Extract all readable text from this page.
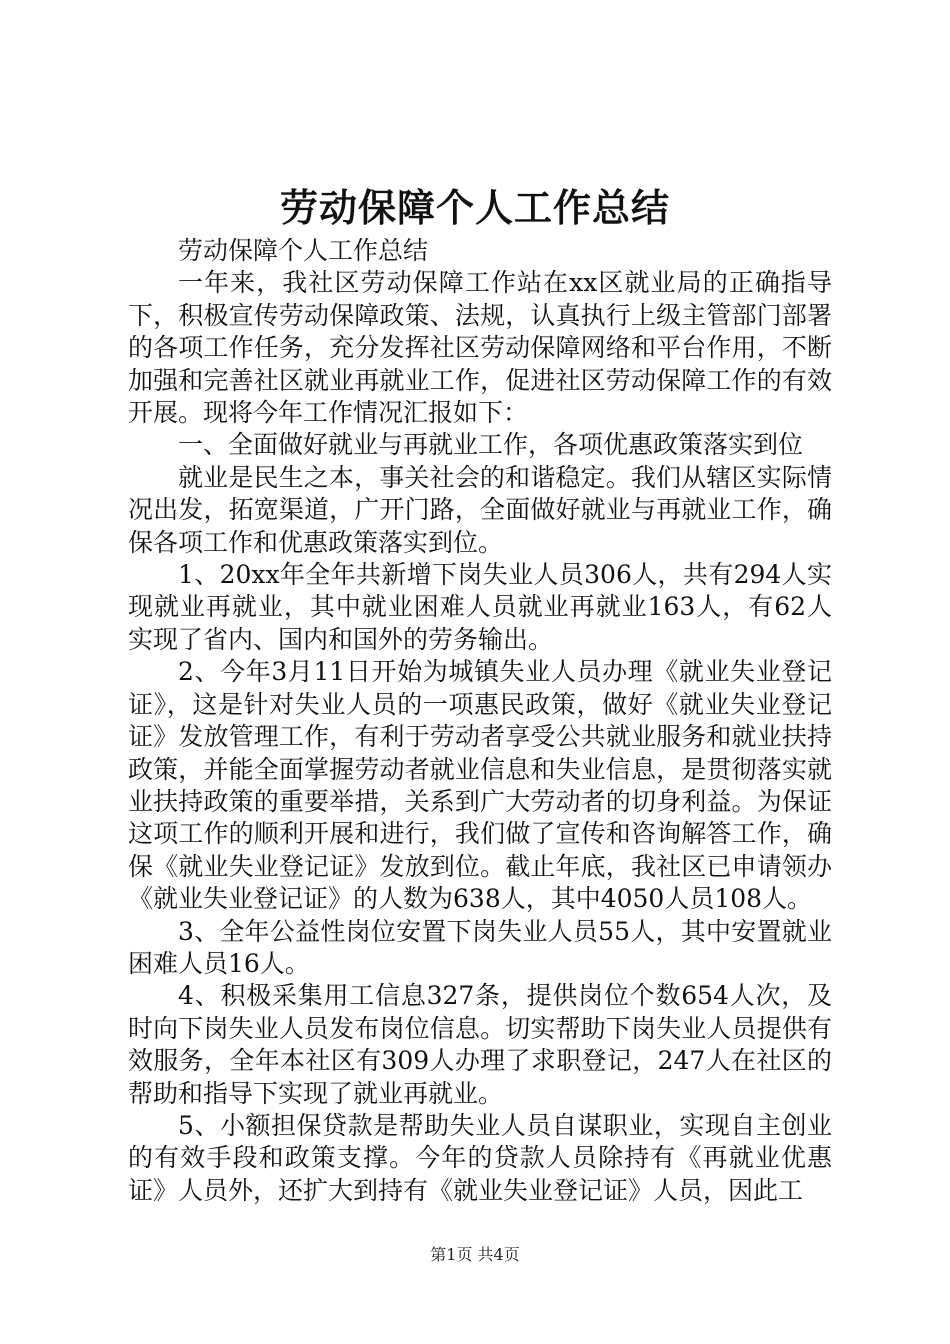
劳动保障个人工作总结

劳动保障个人工作总结

一年来，我社区劳动保障工作站在xx区就业局的正确指导下，积极宣传劳动保障政策、法规，认真执行上级主管部门部署的各项工作任务，充分发挥社区劳动保障网络和平台作用，不断加强和完善社区就业再就业工作，促进社区劳动保障工作的有效开展。现将今年工作情况汇报如下：

一、全面做好就业与再就业工作，各项优惠政策落实到位

就业是民生之本，事关社会的和谐稳定。我们从辖区实际情况出发，拓宽渠道，广开门路，全面做好就业与再就业工作，确保各项工作和优惠政策落实到位。

1、20xx年全年共新增下岗失业人员306人，共有294人实现就业再就业，其中就业困难人员就业再就业163人，有62人实现了省内、国内和国外的劳务输出。

2、今年3月11日开始为城镇失业人员办理《就业失业登记证》，这是针对失业人员的一项惠民政策，做好《就业失业登记证》发放管理工作，有利于劳动者享受公共就业服务和就业扶持政策，并能全面掌握劳动者就业信息和失业信息，是贯彻落实就业扶持政策的重要举措，关系到广大劳动者的切身利益。为保证这项工作的顺利开展和进行，我们做了宣传和咨询解答工作，确保《就业失业登记证》发放到位。截止年底，我社区已申请领办《就业失业登记证》的人数为638人，其中4050人员108人。

3、全年公益性岗位安置下岗失业人员55人，其中安置就业困难人员16人。

4、积极采集用工信息327条，提供岗位个数654人次，及时向下岗失业人员发布岗位信息。切实帮助下岗失业人员提供有效服务，全年本社区有309人办理了求职登记，247人在社区的帮助和指导下实现了就业再就业。

5、小额担保贷款是帮助失业人员自谋职业，实现自主创业的有效手段和政策支撑。今年的贷款人员除持有《再就业优惠证》人员外，还扩大到持有《就业失业登记证》人员，因此工

第1页 共4页
